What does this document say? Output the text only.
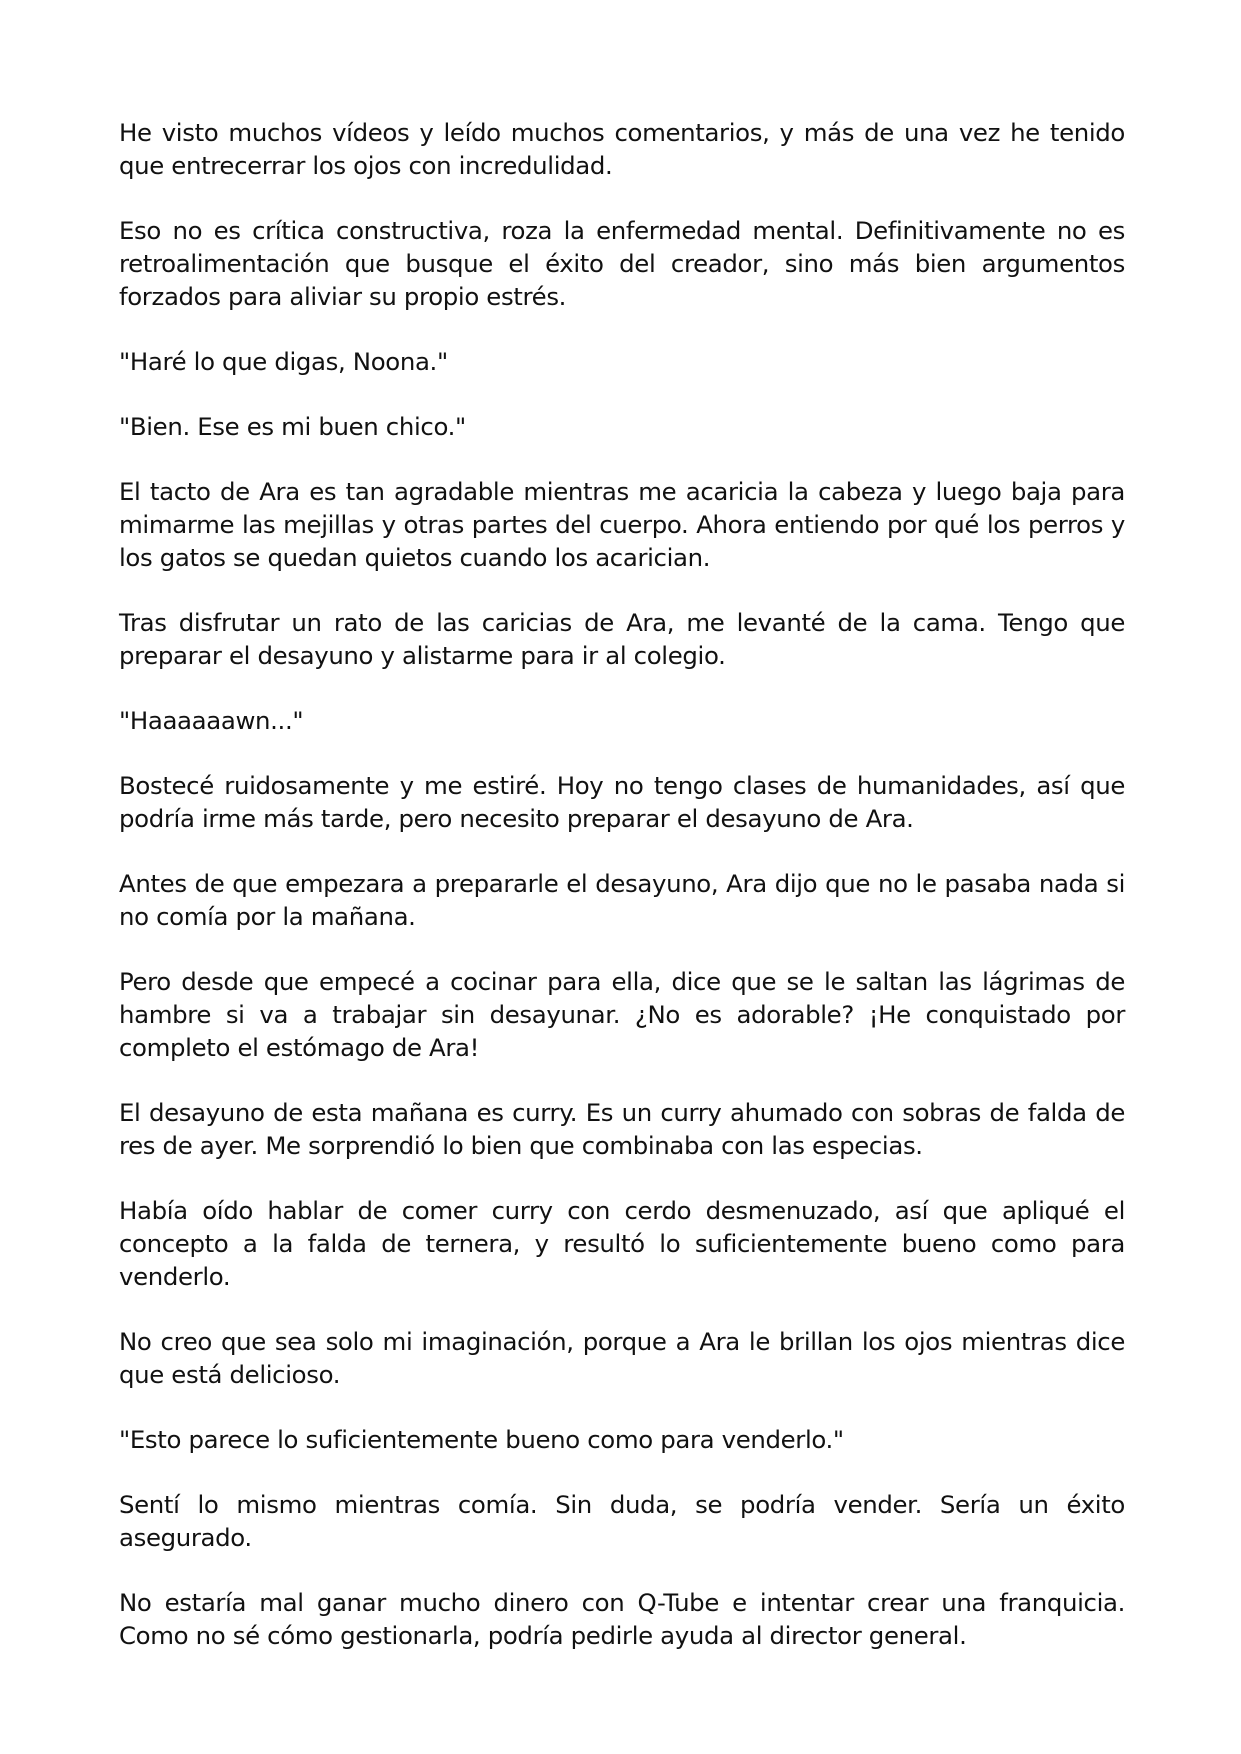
He visto muchos vídeos y leído muchos comentarios, y más de una vez he tenido que entrecerrar los ojos con incredulidad.

Eso no es crítica constructiva, roza la enfermedad mental. Definitivamente no es retroalimentación que busque el éxito del creador, sino más bien argumentos forzados para aliviar su propio estrés.

"Haré lo que digas, Noona."

"Bien. Ese es mi buen chico."

El tacto de Ara es tan agradable mientras me acaricia la cabeza y luego baja para mimarme las mejillas y otras partes del cuerpo. Ahora entiendo por qué los perros y los gatos se quedan quietos cuando los acarician.

Tras disfrutar un rato de las caricias de Ara, me levanté de la cama. Tengo que preparar el desayuno y alistarme para ir al colegio.

"Haaaaaawn..."

Bostecé ruidosamente y me estiré. Hoy no tengo clases de humanidades, así que podría irme más tarde, pero necesito preparar el desayuno de Ara.

Antes de que empezara a prepararle el desayuno, Ara dijo que no le pasaba nada si no comía por la mañana.

Pero desde que empecé a cocinar para ella, dice que se le saltan las lágrimas de hambre si va a trabajar sin desayunar. ¿No es adorable? ¡He conquistado por completo el estómago de Ara!

El desayuno de esta mañana es curry. Es un curry ahumado con sobras de falda de res de ayer. Me sorprendió lo bien que combinaba con las especias.

Había oído hablar de comer curry con cerdo desmenuzado, así que apliqué el concepto a la falda de ternera, y resultó lo suficientemente bueno como para venderlo.

No creo que sea solo mi imaginación, porque a Ara le brillan los ojos mientras dice que está delicioso.

"Esto parece lo suficientemente bueno como para venderlo."

Sentí lo mismo mientras comía. Sin duda, se podría vender. Sería un éxito asegurado.

No estaría mal ganar mucho dinero con Q-Tube e intentar crear una franquicia. Como no sé cómo gestionarla, podría pedirle ayuda al director general.
